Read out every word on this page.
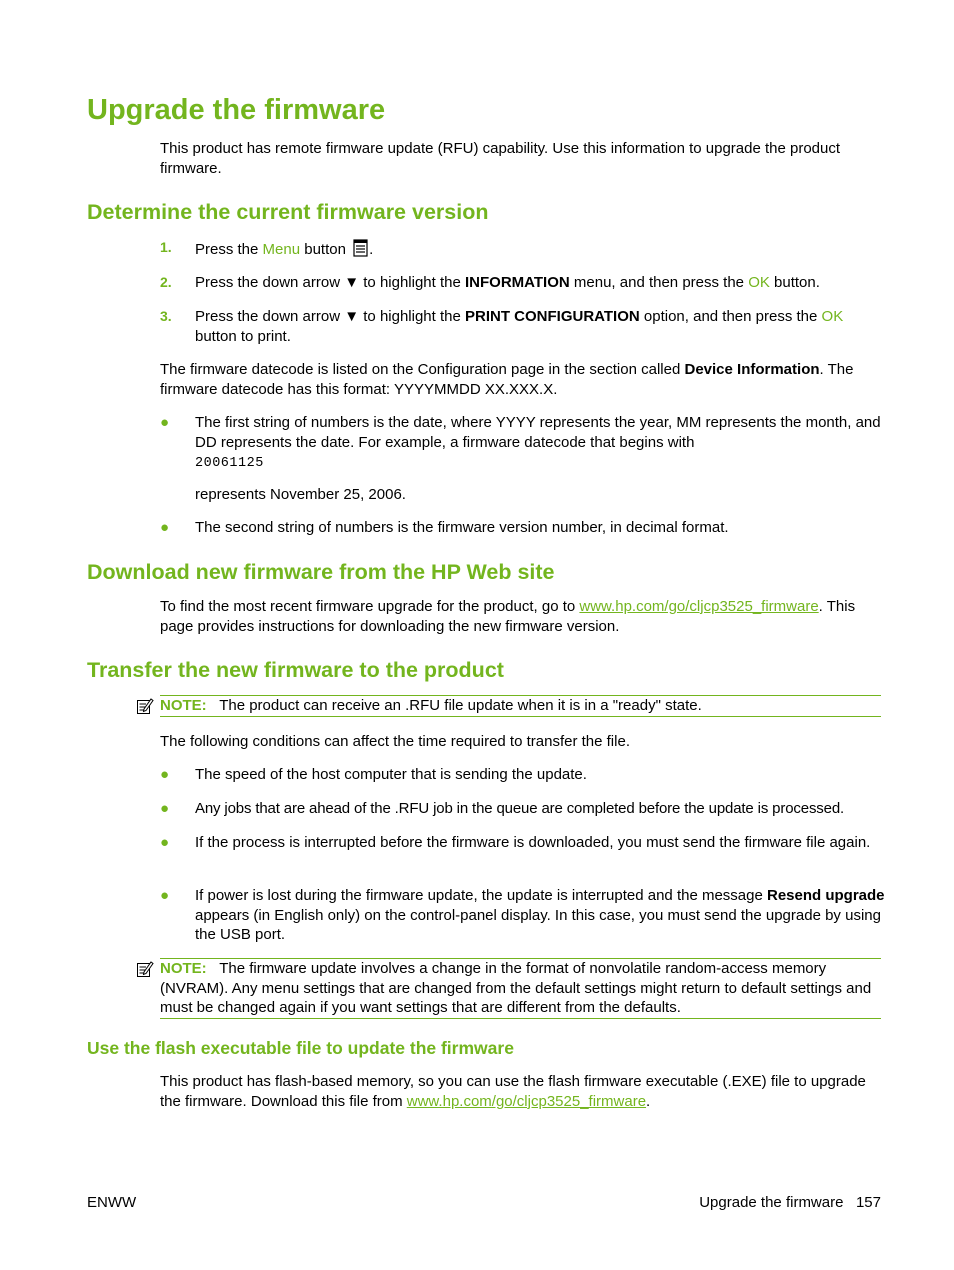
Upgrade the firmware
This product has remote firmware update (RFU) capability. Use this information to upgrade the product firmware.
Determine the current firmware version
1.	Press the Menu button .
2.	Press the down arrow ▼ to highlight the INFORMATION menu, and then press the OK button.
3.	Press the down arrow ▼ to highlight the PRINT CONFIGURATION option, and then press the OK button to print.
The firmware datecode is listed on the Configuration page in the section called Device Information. The firmware datecode has this format: YYYYMMDD XX.XXX.X.
● The first string of numbers is the date, where YYYY represents the year, MM represents the month, and DD represents the date. For example, a firmware datecode that begins with
20061125
represents November 25, 2006.
● The second string of numbers is the firmware version number, in decimal format.
Download new firmware from the HP Web site
To find the most recent firmware upgrade for the product, go to www.hp.com/go/cljcp3525_firmware. This page provides instructions for downloading the new firmware version.
Transfer the new firmware to the product
NOTE: The product can receive an .RFU file update when it is in a "ready" state.
The following conditions can affect the time required to transfer the file.
● The speed of the host computer that is sending the update.
● Any jobs that are ahead of the .RFU job in the queue are completed before the update is processed.
● If the process is interrupted before the firmware is downloaded, you must send the firmware file again.
● If power is lost during the firmware update, the update is interrupted and the message Resend upgrade appears (in English only) on the control-panel display. In this case, you must send the upgrade by using the USB port.
NOTE: The firmware update involves a change in the format of nonvolatile random-access memory (NVRAM). Any menu settings that are changed from the default settings might return to default settings and must be changed again if you want settings that are different from the defaults.
Use the flash executable file to update the firmware
This product has flash-based memory, so you can use the flash firmware executable (.EXE) file to upgrade the firmware. Download this file from www.hp.com/go/cljcp3525_firmware.
ENWW	Upgrade the firmware 157
